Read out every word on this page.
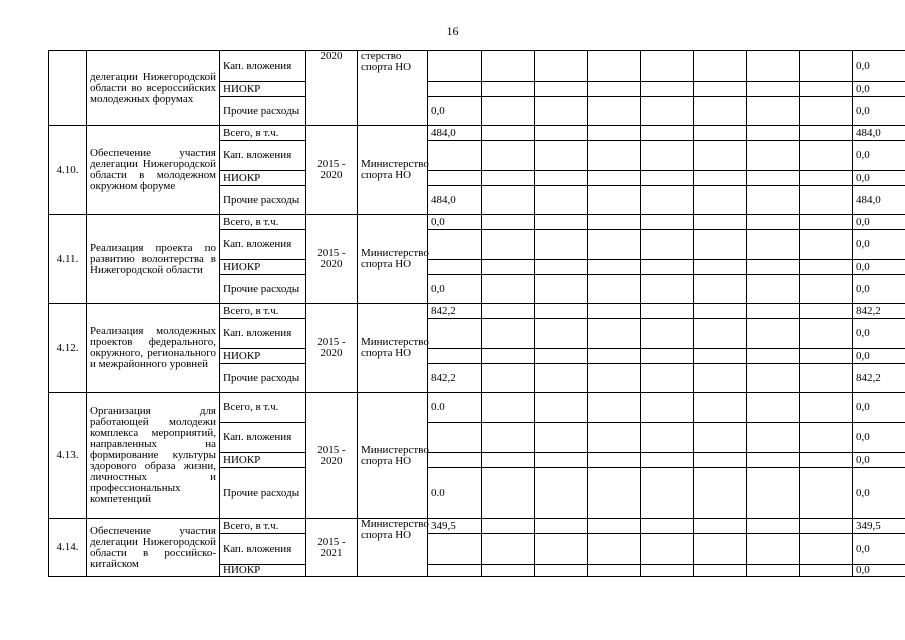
16
	делегации Нижегородской области во всероссийских молодежных форумах	Кап. вложения	2020	стерство спорта НО									0,0
		НИОКР											0,0
		Прочие расходы			0,0								0,0
4.10.	Обеспечение участия делегации Нижегородской области в молодежном окружном форуме	Всего, в т.ч.	2015 - 2020	Министерство спорта НО	484,0								484,0
		Кап. вложения											0,0
		НИОКР											0,0
		Прочие расходы			484,0								484,0
4.11.	Реализация проекта по развитию волонтерства в Нижегородской области	Всего, в т.ч.	2015 - 2020	Министерство спорта НО	0,0								0,0
		Кап. вложения											0,0
		НИОКР											0,0
		Прочие расходы			0,0								0,0
4.12.	Реализация молодежных проектов федерального, окружного, регионального и межрайонного уровней	Всего, в т.ч.	2015 - 2020	Министерство спорта НО	842,2								842,2
		Кап. вложения											0,0
		НИОКР											0,0
		Прочие расходы			842,2								842,2
4.13.	Организация для работающей молодежи комплекса мероприятий, направленных на формирование культуры здорового образа жизни, личностных и профессиональных компетенций	Всего, в т.ч.	2015 - 2020	Министерство спорта НО	0.0								0,0
		Кап. вложения											0,0
		НИОКР											0,0
		Прочие расходы			0.0								0,0
4.14.	Обеспечение участия делегации Нижегородской области в российско-китайском	Всего, в т.ч.	2015 - 2021	Министерство спорта НО	349,5								349,5
		Кап. вложения											0,0
		НИОКР											0,0
